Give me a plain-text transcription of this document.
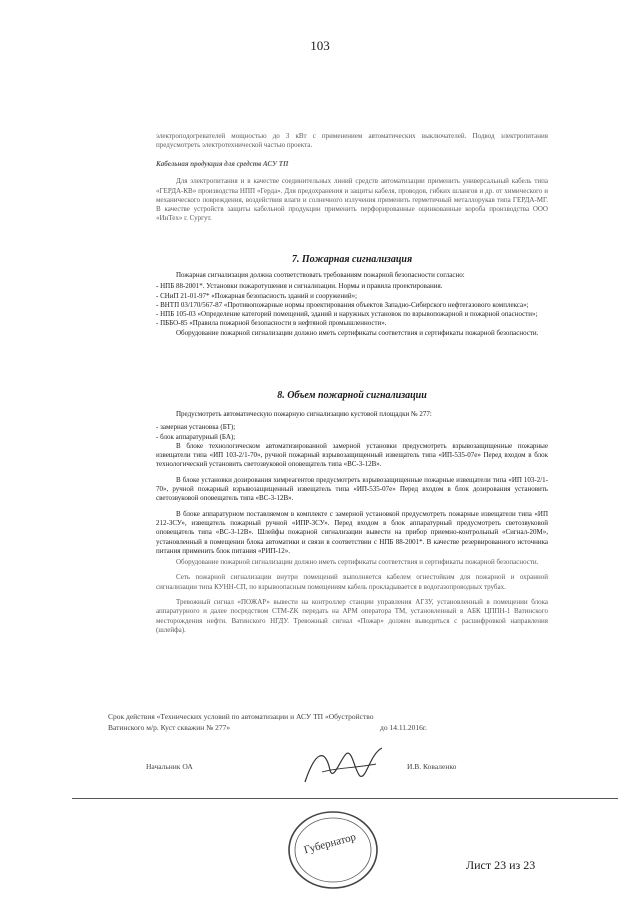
103

электроподогревателей мощностью до 3 кВт с применением автоматических выключателей. Подвод электропитания предусмотреть электротехнической частью проекта.

Кабельная продукция для средств АСУ ТП

Для электропитания и в качестве соединительных линий средств автоматизации применить универсальный кабель типа «ГЕРДА-КВ» производства НПП «Герда». Для предохранения и защиты кабеля, проводов, гибких шлангов и др. от химического и механического повреждения, воздействия влаги и солнечного излучения применить герметичный металлорукав типа ГЕРДА-МГ. В качестве устройств защиты кабельной продукции применить перфорированные оцинкованные короба производства ООО «ИнТех» г. Сургут.

7. Пожарная сигнализация

Пожарная сигнализация должна соответствовать требованиям пожарной безопасности согласно:

- НПБ 88-2001*. Установки пожаротушения и сигнализации. Нормы и правила проектирования.
- СНиП 21-01-97* «Пожарная безопасность зданий и сооружений»;
- ВНТП 03/170/567-87 «Противопожарные нормы проектирования объектов Западно-Сибирского нефтегазового комплекса»;
- НПБ 105-03 «Определение категорий помещений, зданий и наружных установок по взрывопожарной и пожарной опасности»;
- ПББО-85 «Правила пожарной безопасности в нефтяной промышленности».

Оборудование пожарной сигнализации должно иметь сертификаты соответствия и сертификаты пожарной безопасности.

8. Объем пожарной сигнализации

Предусмотреть автоматическую пожарную сигнализацию кустовой площадки № 277:

- замерная установка (БТ);
- блок аппаратурный (БА);

В блоке технологическом автоматизированной замерной установки предусмотреть взрывозащищенные пожарные извещатели типа «ИП 103-2/1-70», ручной пожарный взрывозащищенный извещатель типа «ИП-535-07е» Перед входом в блок технологический установить светозвуковой оповещатель типа «ВС-3-12В».

В блоке установки дозирования химреагентов предусмотреть взрывозащищенные пожарные извещатели типа «ИП 103-2/1-70», ручной пожарный взрывозащищенный извещатель типа «ИП-535-07е» Перед входом в блок дозирования установить светозвуковой оповещатель типа «ВС-3-12В».

В блоке аппаратурном поставляемом в комплекте с замерной установкой предусмотреть пожарные извещатели типа «ИП 212-3СУ», извещатель пожарный ручной «ИПР-3СУ». Перед входом в блок аппаратурный предусмотреть светозвуковой оповещатель типа «ВС-3-12В». Шлейфы пожарной сигнализации вывести на прибор приемно-контрольный «Сигнал-20М», установленный в помещении блока автоматики и связи в соответствии с НПБ 88-2001*. В качестве резервированного источника питания применить блок питания «РИП-12».

Оборудование пожарной сигнализации должно иметь сертификаты соответствия и сертификаты пожарной безопасности.

Сеть пожарной сигнализации внутри помещений выполняется кабелем огнестойким для пожарной и охранной сигнализации типа КУНН-СП, по взрывоопасным помещениям кабель прокладывается в водогазопроводных трубах.

Тревожный сигнал «ПОЖАР» вывести на контроллер станции управления АГЗУ, установленный в помещении блока аппаратурного и далее посредством СТМ-ZK передать на АРМ оператора ТМ, установленный в АБК ЦППН-1 Ватинского месторождения нефти. Ватинского НГДУ. Тревожный сигнал «Пожар» должен выводиться с расшифровкой направления (шлейфа).

Срок действия «Технических условий по автоматизации и АСУ ТП «Обустройство
Ватинского м/р. Куст скважин № 277»	до 14.11.2016г.
Начальник ОА	И.В. Коваленко
Губернатор
Лист 23 из 23
